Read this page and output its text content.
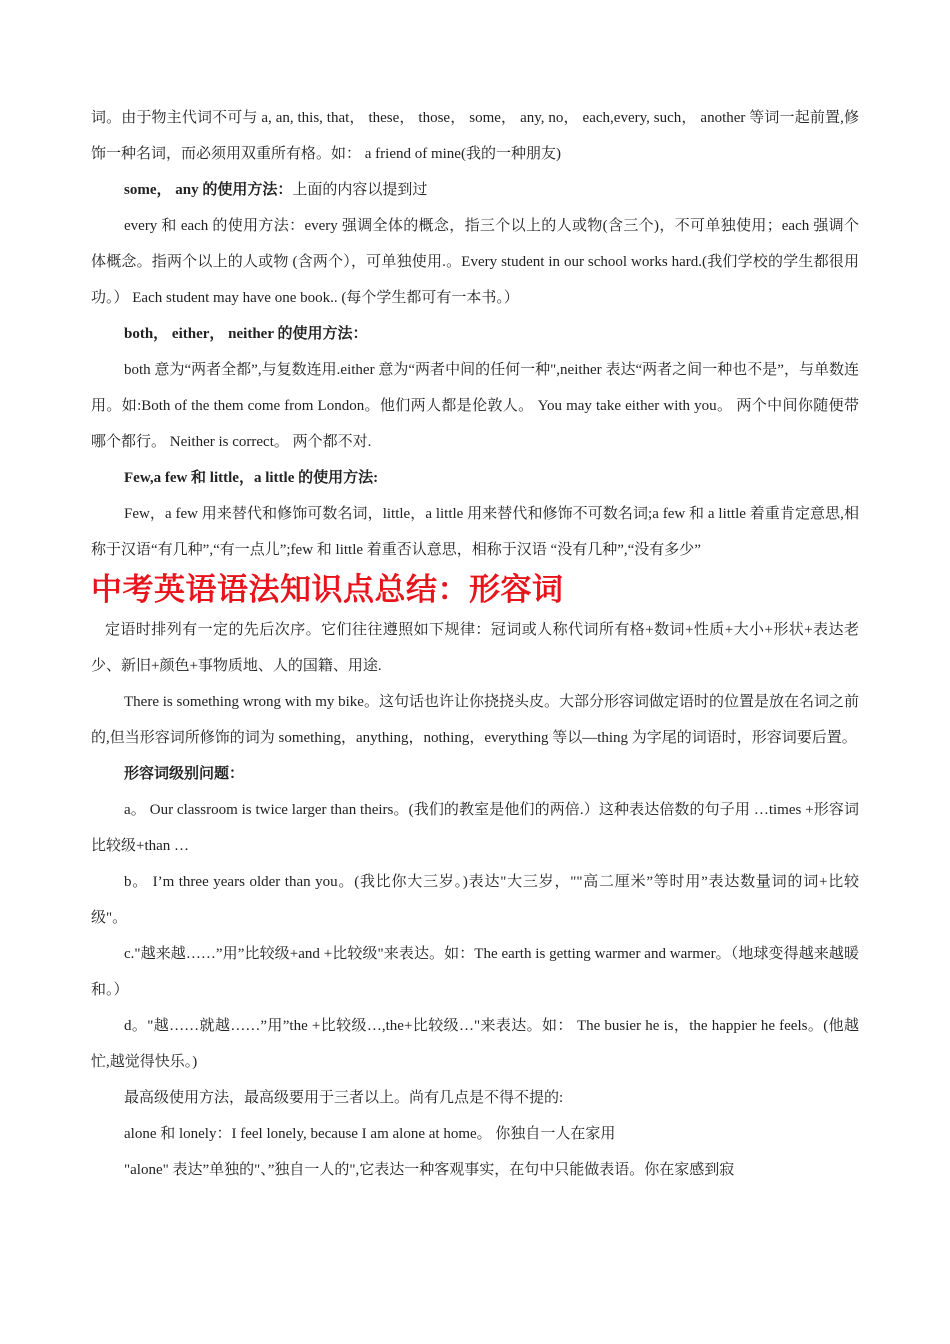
词。由于物主代词不可与 a, an, this, that， these， those， some， any, no， each,every, such， another 等词一起前置,修饰一种名词，而必须用双重所有格。如： a friend of mine(我的一种朋友)

some， any 的使用方法：上面的内容以提到过

every 和 each 的使用方法：every 强调全体的概念，指三个以上的人或物(含三个)，不可单独使用；each 强调个体概念。指两个以上的人或物 (含两个），可单独使用.。Every student in our school works hard.(我们学校的学生都很用功。） Each student may have one book.. (每个学生都可有一本书。）

both， either， neither 的使用方法：

both 意为“两者全都”,与复数连用.either 意为“两者中间的任何一种",neither 表达“两者之间一种也不是”，与单数连用。如:Both of the them come from London。他们两人都是伦敦人。 You may take either with you。 两个中间你随便带哪个都行。 Neither is correct。 两个都不对.

Few,a few 和 little，a little 的使用方法:

Few，a few 用来替代和修饰可数名词，little，a little 用来替代和修饰不可数名词;a few 和 a little 着重肯定意思,相称于汉语“有几种”,“有一点儿”;few 和 little 着重否认意思，相称于汉语 “没有几种”,“没有多少”

中考英语语法知识点总结：形容词

定语时排列有一定的先后次序。它们往往遵照如下规律：冠词或人称代词所有格+数词+性质+大小+形状+表达老少、新旧+颜色+事物质地、人的国籍、用途.

There is something wrong with my bike。这句话也许让你挠挠头皮。大部分形容词做定语时的位置是放在名词之前的,但当形容词所修饰的词为 something，anything，nothing，everything 等以—thing 为字尾的词语时，形容词要后置。

形容词级别问题：

a。 Our classroom is twice larger than theirs。(我们的教室是他们的两倍.）这种表达倍数的句子用 …times +形容词比较级+than …

b。 I’m three years older than you。(我比你大三岁。)表达"大三岁，""高二厘米”等时用”表达数量词的词+比较级"。

c."越来越……”用”比较级+and +比较级"来表达。如：The earth is getting warmer and warmer。（地球变得越来越暖和。）

d。"越……就越……”用”the +比较级…,the+比较级…"来表达。如： The busier he is，the happier he feels。(他越忙,越觉得快乐。)

最高级使用方法，最高级要用于三者以上。尚有几点是不得不提的:

alone 和 lonely：I feel lonely, because I am alone at home。 你独自一人在家用

"alone" 表达”单独的"、”独自一人的",它表达一种客观事实，在句中只能做表语。你在家感到寂
